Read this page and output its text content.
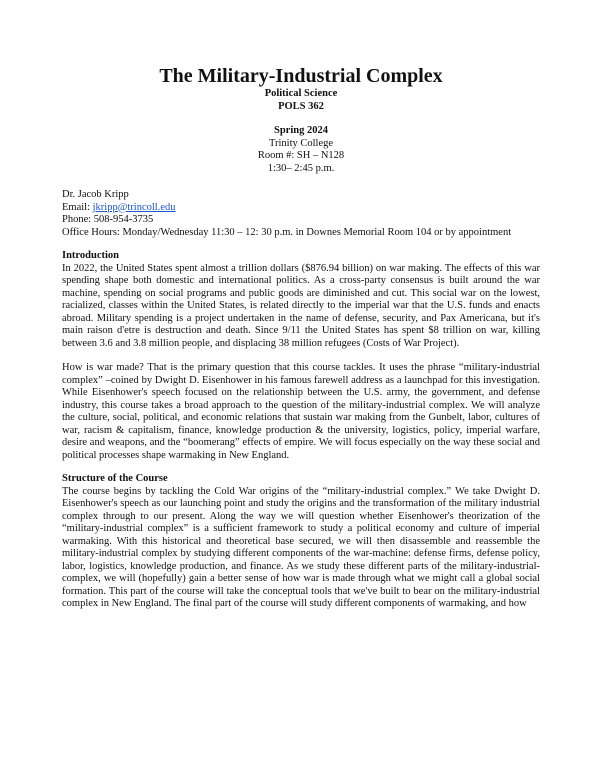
The Military-Industrial Complex
Political Science
POLS 362
Spring 2024
Trinity College
Room #: SH – N128
1:30– 2:45 p.m.
Dr. Jacob Kripp
Email: jkripp@trincoll.edu
Phone: 508-954-3735
Office Hours: Monday/Wednesday 11:30 – 12: 30 p.m. in Downes Memorial Room 104 or by appointment
Introduction

In 2022, the United States spent almost a trillion dollars ($876.94 billion) on war making. The effects of this war spending shape both domestic and international politics. As a cross-party consensus is built around the war machine, spending on social programs and public goods are diminished and cut. This social war on the lowest, racialized, classes within the United States, is related directly to the imperial war that the U.S. funds and enacts abroad. Military spending is a project undertaken in the name of defense, security, and Pax Americana, but it's main raison d'etre is destruction and death. Since 9/11 the United States has spent $8 trillion on war, killing between 3.6 and 3.8 million people, and displacing 38 million refugees (Costs of War Project).

How is war made? That is the primary question that this course tackles. It uses the phrase “military-industrial complex” –coined by Dwight D. Eisenhower in his famous farewell address as a launchpad for this investigation. While Eisenhower's speech focused on the relationship between the U.S. army, the government, and defense industry, this course takes a broad approach to the question of the military-industrial complex. We will analyze the culture, social, political, and economic relations that sustain war making from the Gunbelt, labor, cultures of war, racism & capitalism, finance, knowledge production & the university, logistics, policy, imperial warfare, desire and weapons, and the “boomerang” effects of empire. We will focus especially on the way these social and political processes shape warmaking in New England.

Structure of the Course

The course begins by tackling the Cold War origins of the “military-industrial complex.” We take Dwight D. Eisenhower's speech as our launching point and study the origins and the transformation of the military industrial complex through to our present. Along the way we will question whether Eisenhower's theorization of the “military-industrial complex” is a sufficient framework to study a political economy and culture of imperial warmaking. With this historical and theoretical base secured, we will then disassemble and reassemble the military-industrial complex by studying different components of the war-machine: defense firms, defense policy, labor, logistics, knowledge production, and finance. As we study these different parts of the military-industrial-complex, we will (hopefully) gain a better sense of how war is made through what we might call a global social formation. This part of the course will take the conceptual tools that we've built to bear on the military-industrial complex in New England. The final part of the course will study different components of warmaking, and how
